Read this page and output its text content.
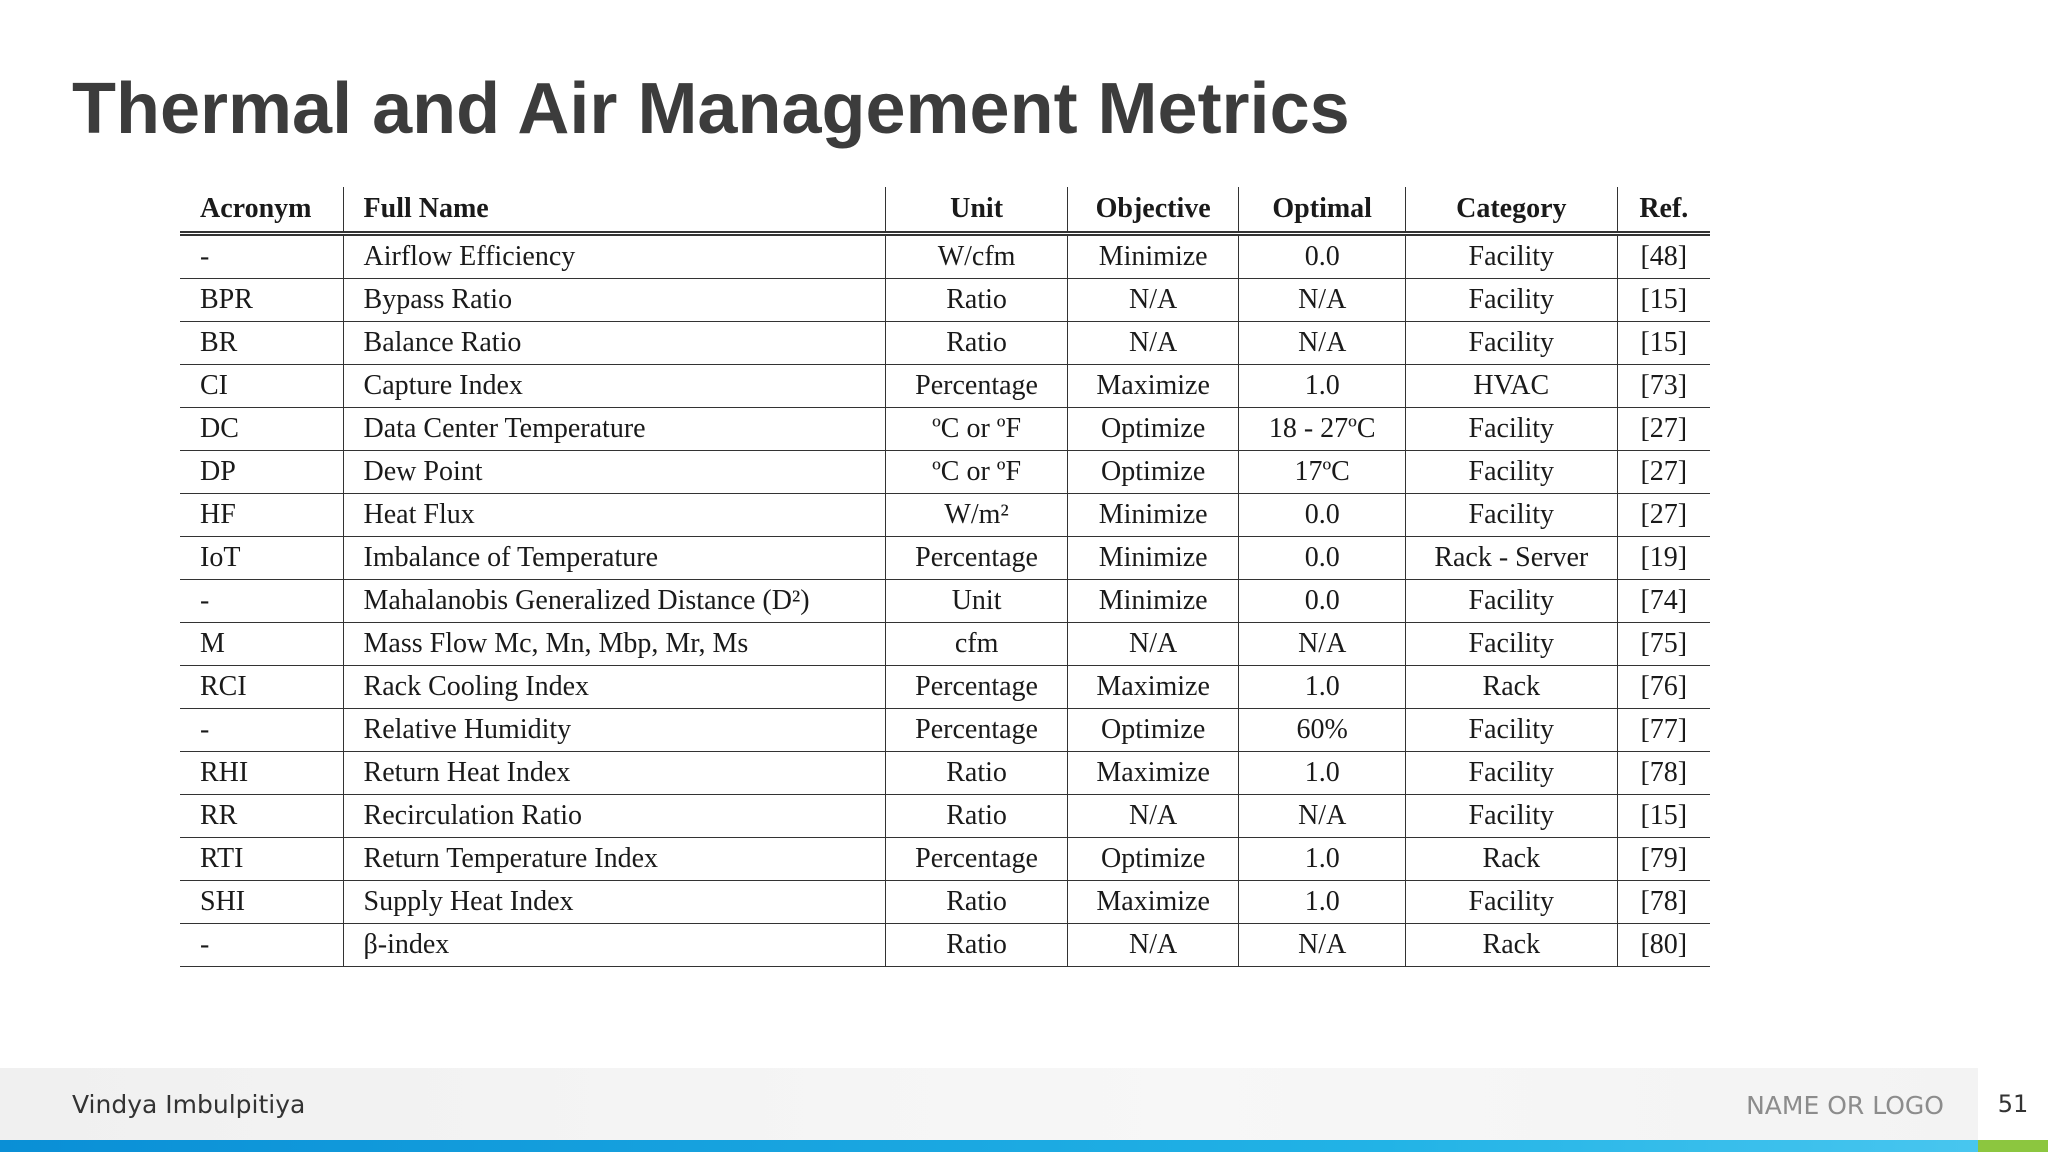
Thermal and Air Management Metrics
Acronym	Full Name	Unit	Objective	Optimal	Category	Ref.
-	Airflow Efficiency	W/cfm	Minimize	0.0	Facility	[48]
BPR	Bypass Ratio	Ratio	N/A	N/A	Facility	[15]
BR	Balance Ratio	Ratio	N/A	N/A	Facility	[15]
CI	Capture Index	Percentage	Maximize	1.0	HVAC	[73]
DC	Data Center Temperature	ºC or ºF	Optimize	18 - 27ºC	Facility	[27]
DP	Dew Point	ºC or ºF	Optimize	17ºC	Facility	[27]
HF	Heat Flux	W/m²	Minimize	0.0	Facility	[27]
IoT	Imbalance of Temperature	Percentage	Minimize	0.0	Rack - Server	[19]
-	Mahalanobis Generalized Distance (D²)	Unit	Minimize	0.0	Facility	[74]
M	Mass Flow Mc, Mn, Mbp, Mr, Ms	cfm	N/A	N/A	Facility	[75]
RCI	Rack Cooling Index	Percentage	Maximize	1.0	Rack	[76]
-	Relative Humidity	Percentage	Optimize	60%	Facility	[77]
RHI	Return Heat Index	Ratio	Maximize	1.0	Facility	[78]
RR	Recirculation Ratio	Ratio	N/A	N/A	Facility	[15]
RTI	Return Temperature Index	Percentage	Optimize	1.0	Rack	[79]
SHI	Supply Heat Index	Ratio	Maximize	1.0	Facility	[78]
-	β-index	Ratio	N/A	N/A	Rack	[80]
Vindya Imbulpitiya	NAME OR LOGO	51
